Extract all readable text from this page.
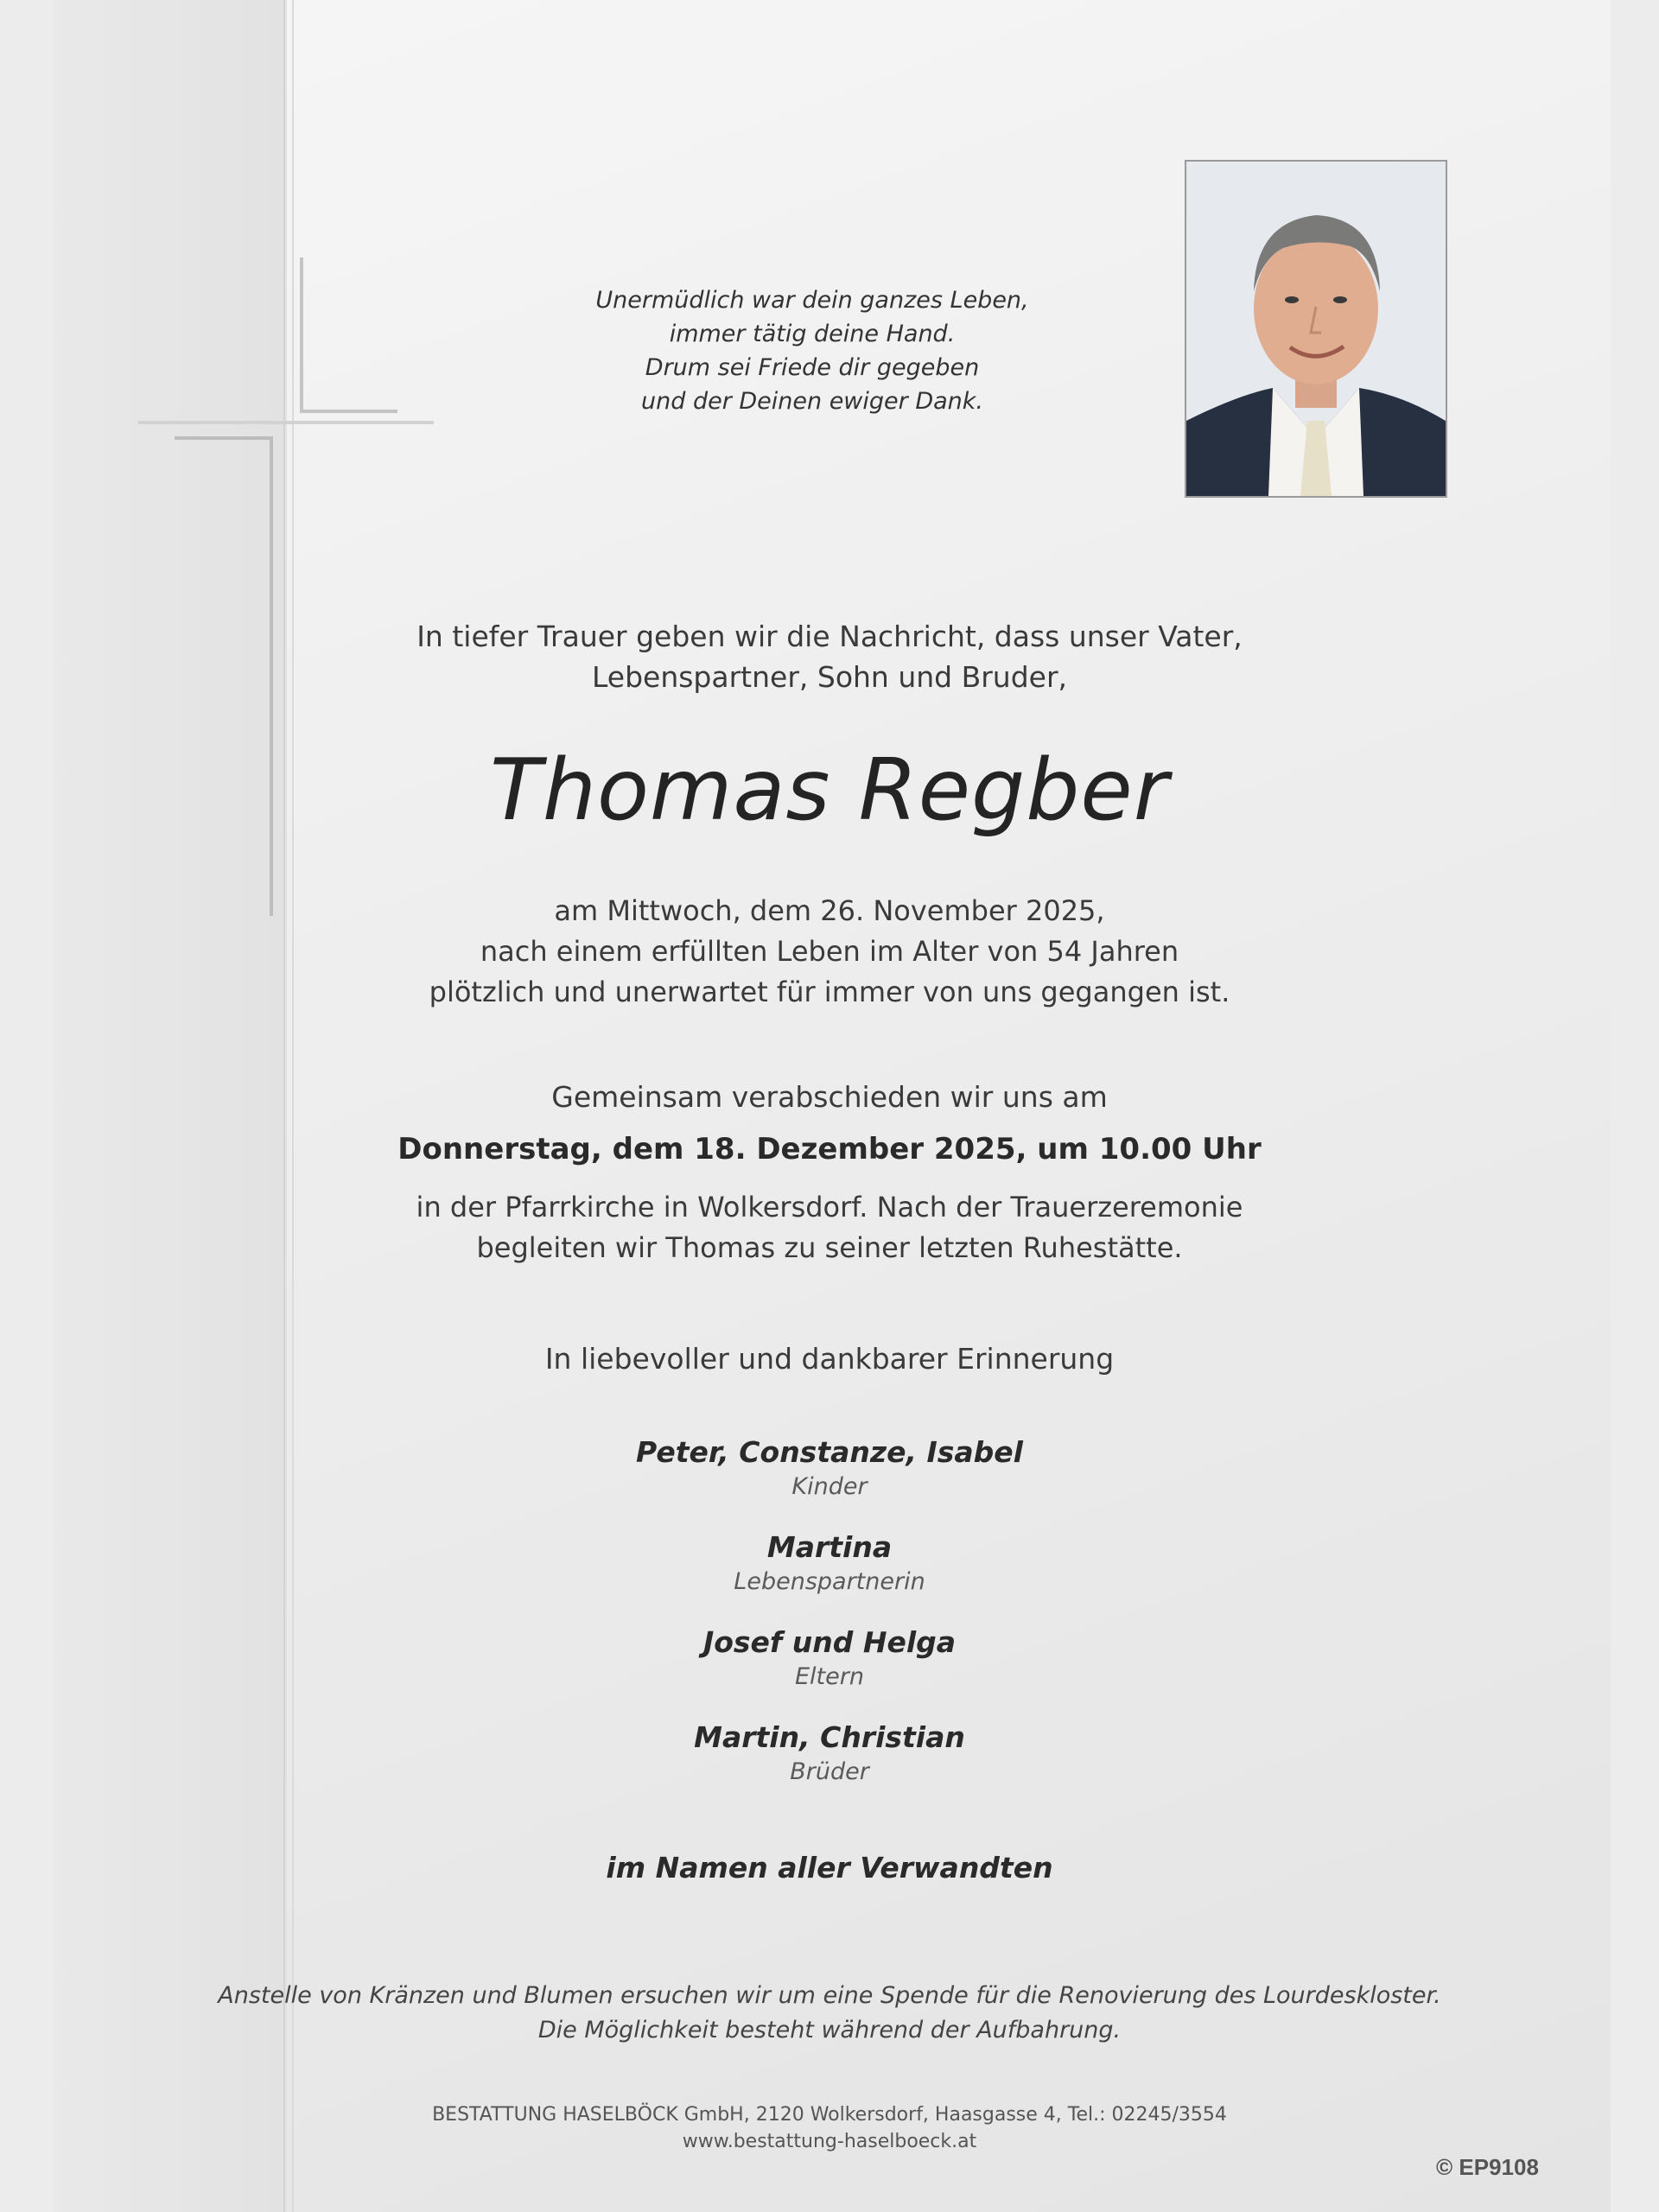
Unermüdlich war dein ganzes Leben,
immer tätig deine Hand.
Drum sei Friede dir gegeben
und der Deinen ewiger Dank.
In tiefer Trauer geben wir die Nachricht, dass unser Vater,
Lebenspartner, Sohn und Bruder,
Thomas Regber
am Mittwoch, dem 26. November 2025,
nach einem erfüllten Leben im Alter von 54 Jahren
plötzlich und unerwartet für immer von uns gegangen ist.
Gemeinsam verabschieden wir uns am
Donnerstag, dem 18. Dezember 2025, um 10.00 Uhr
in der Pfarrkirche in Wolkersdorf. Nach der Trauerzeremonie
begleiten wir Thomas zu seiner letzten Ruhestätte.
In liebevoller und dankbarer Erinnerung
Peter, Constanze, Isabel
Kinder
Martina
Lebenspartnerin
Josef und Helga
Eltern
Martin, Christian
Brüder
im Namen aller Verwandten
Anstelle von Kränzen und Blumen ersuchen wir um eine Spende für die Renovierung des Lourdeskloster.
Die Möglichkeit besteht während der Aufbahrung.
BESTATTUNG HASELBÖCK GmbH, 2120 Wolkersdorf, Haasgasse 4, Tel.: 02245/3554
www.bestattung-haselboeck.at
© EP9108
